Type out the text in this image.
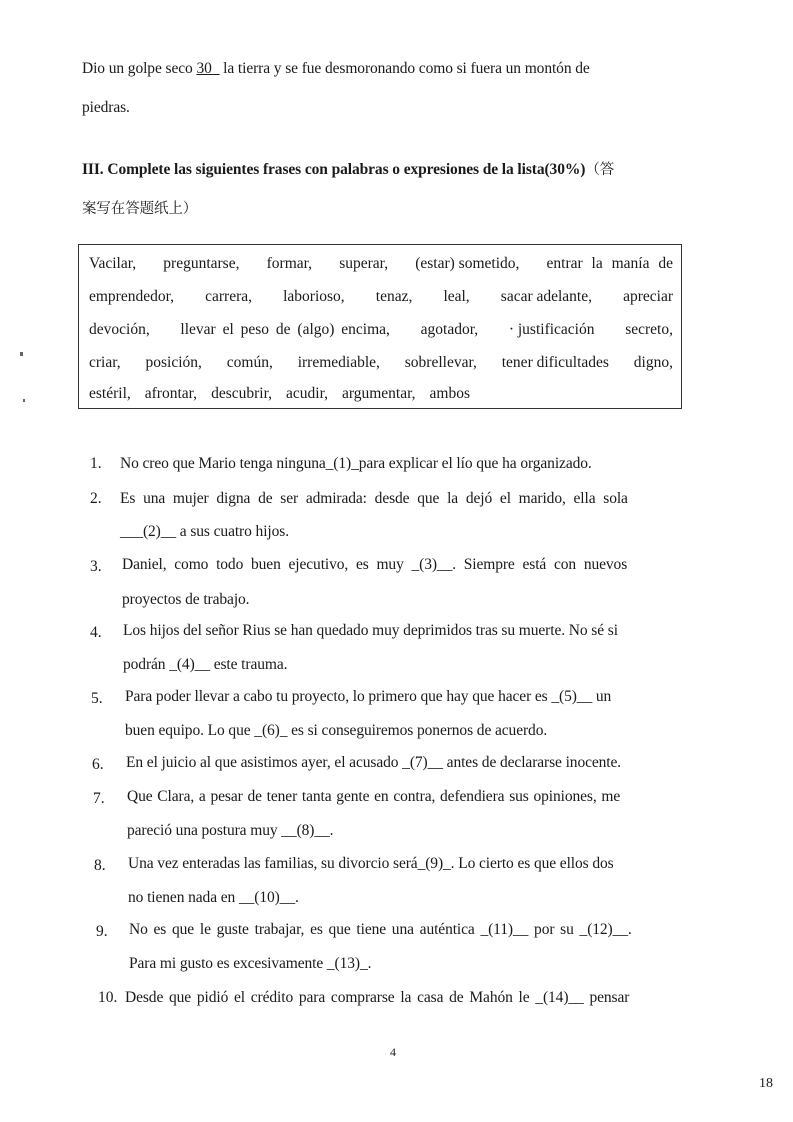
Dio un golpe seco 30_ la tierra y se fue desmoronando como si fuera un montón de
piedras.
III. Complete las siguientes frases con palabras o expresiones de la lista(30%)（答
案写在答题纸上）
Vacilar, preguntarse, formar, superar, (estar) sometido, entrar la manía de
emprendedor, carrera, laborioso, tenaz, leal, sacar adelante, apreciar
devoción, llevar el peso de (algo) encima, agotador, · justificación secreto,
criar, posición, común, irremediable, sobrellevar, tener dificultades digno,
estéril, afrontar, descubrir, acudir, argumentar, ambos
1. No creo que Mario tenga ninguna_(1)_para explicar el lío que ha organizado.
2. Es una mujer digna de ser admirada: desde que la dejó el marido, ella sola
___(2)__ a sus cuatro hijos.
3. Daniel, como todo buen ejecutivo, es muy _(3)__. Siempre está con nuevos
proyectos de trabajo.
4. Los hijos del señor Rius se han quedado muy deprimidos tras su muerte. No sé si
podrán _(4)__ este trauma.
5. Para poder llevar a cabo tu proyecto, lo primero que hay que hacer es _(5)__ un
buen equipo. Lo que _(6)_ es si conseguiremos ponernos de acuerdo.
6. En el juicio al que asistimos ayer, el acusado _(7)__ antes de declararse inocente.
7. Que Clara, a pesar de tener tanta gente en contra, defendiera sus opiniones, me
pareció una postura muy __(8)__.
8. Una vez enteradas las familias, su divorcio será_(9)_. Lo cierto es que ellos dos
no tienen nada en __(10)__.
9. No es que le guste trabajar, es que tiene una auténtica _(11)__ por su _(12)__.
Para mi gusto es excesivamente _(13)_.
10. Desde que pidió el crédito para comprarse la casa de Mahón le _(14)__ pensar
4
18
